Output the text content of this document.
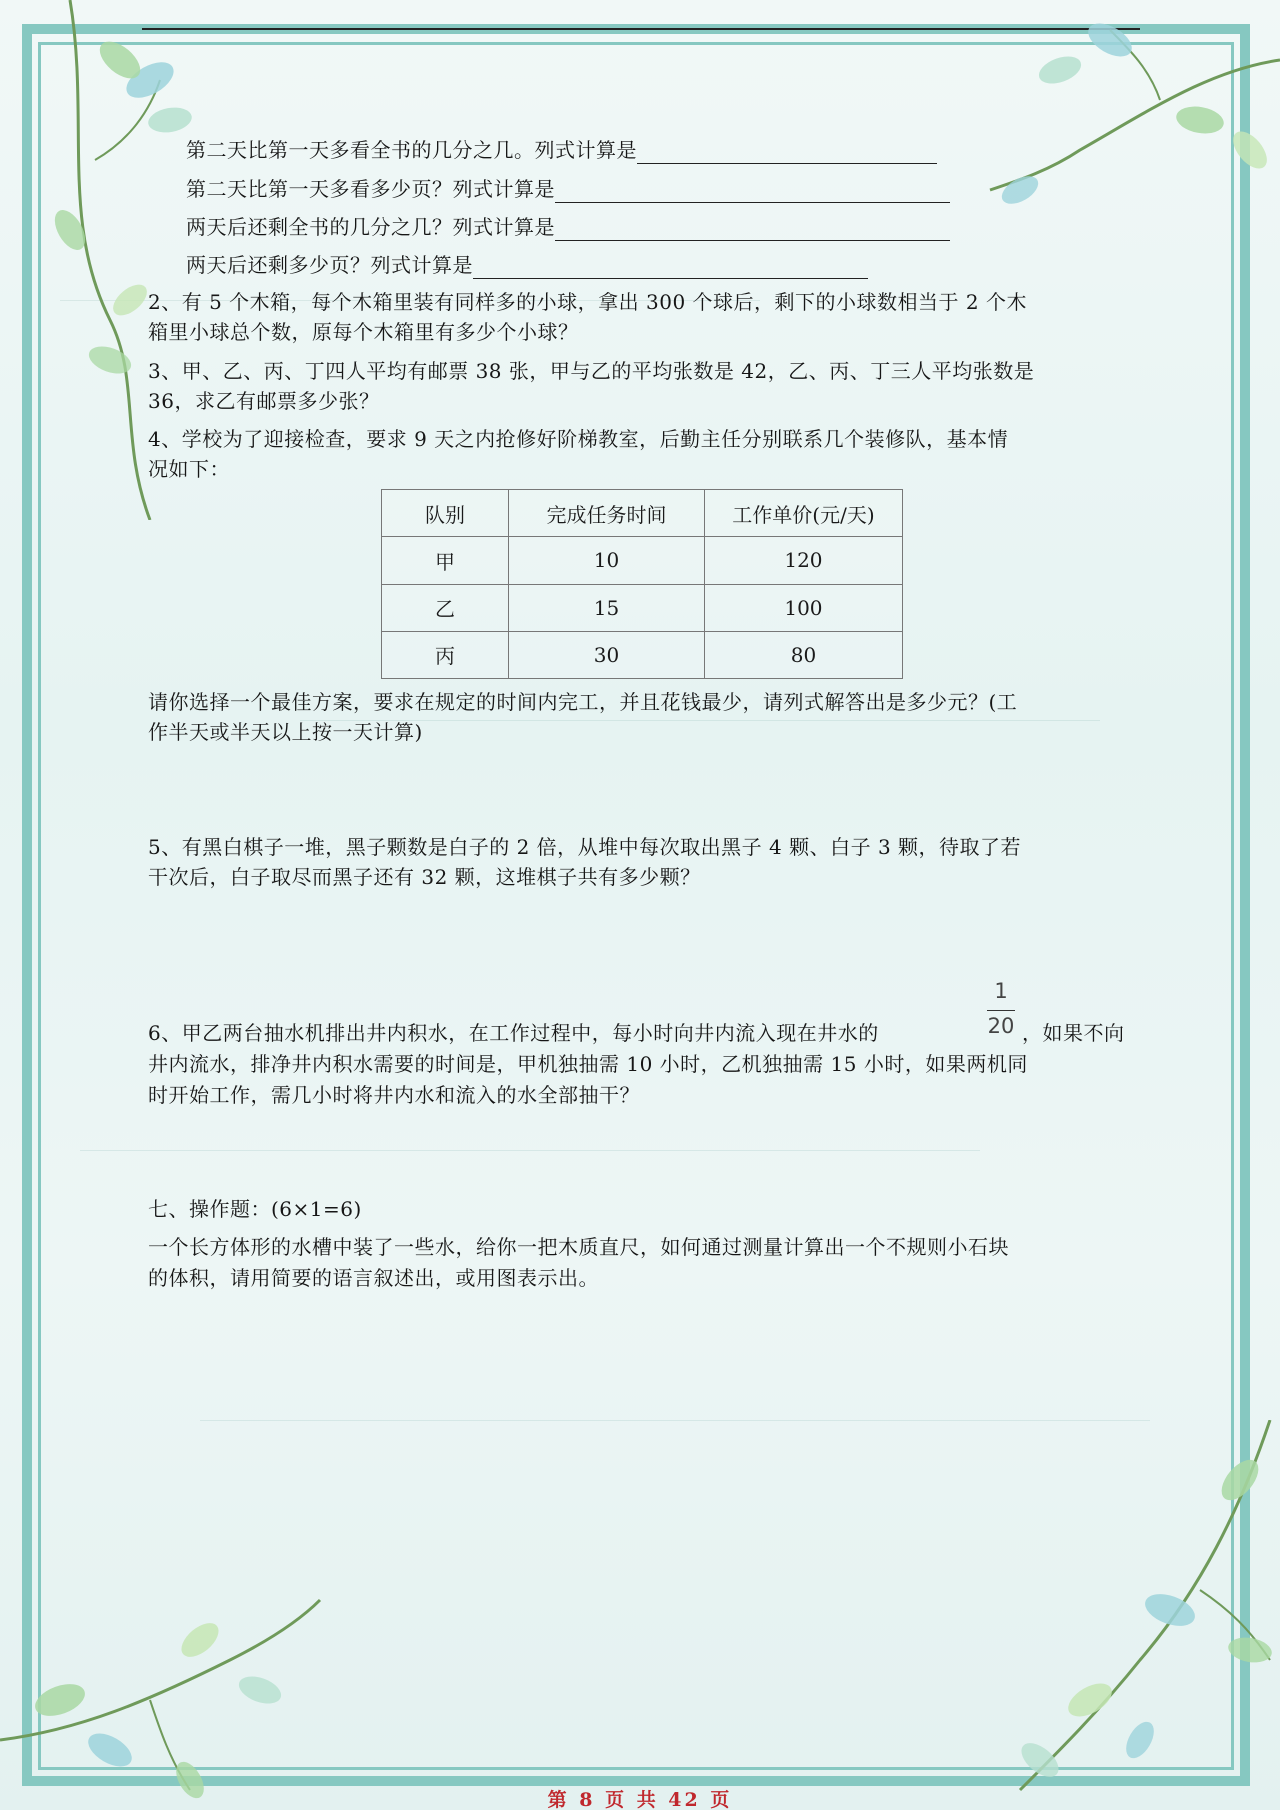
第二天比第一天多看全书的几分之几。列式计算是
第二天比第一天多看多少页？列式计算是
两天后还剩全书的几分之几？列式计算是
两天后还剩多少页？列式计算是
2、有 5 个木箱，每个木箱里装有同样多的小球，拿出 300 个球后，剩下的小球数相当于 2 个木
箱里小球总个数，原每个木箱里有多少个小球？
3、甲、乙、丙、丁四人平均有邮票 38 张，甲与乙的平均张数是 42，乙、丙、丁三人平均张数是
36，求乙有邮票多少张？
4、学校为了迎接检查，要求 9 天之内抢修好阶梯教室，后勤主任分别联系几个装修队，基本情
况如下：
队别	完成任务时间	工作单价(元/天)
甲	10	120
乙	15	100
丙	30	80
请你选择一个最佳方案，要求在规定的时间内完工，并且花钱最少，请列式解答出是多少元？(工
作半天或半天以上按一天计算)
5、有黑白棋子一堆，黑子颗数是白子的 2 倍，从堆中每次取出黑子 4 颗、白子 3 颗，待取了若
干次后，白子取尽而黑子还有 32 颗，这堆棋子共有多少颗？
6、甲乙两台抽水机排出井内积水，在工作过程中，每小时向井内流入现在井水的
1
20 ，如果不向
井内流水，排净井内积水需要的时间是，甲机独抽需 10 小时，乙机独抽需 15 小时，如果两机同
时开始工作，需几小时将井内水和流入的水全部抽干？
七、操作题：(6×1=6)
一个长方体形的水槽中装了一些水，给你一把木质直尺，如何通过测量计算出一个不规则小石块
的体积，请用简要的语言叙述出，或用图表示出。
第 8 页 共 42 页
